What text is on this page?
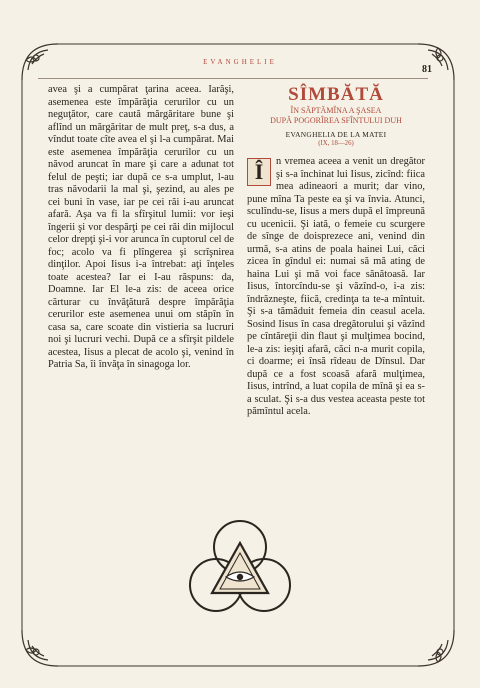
EVANGHELIE
81

avea şi a cumpărat ţarina aceea. Iarăşi, asemenea este împărăţia cerurilor cu un neguţător, care caută mărgăritare bune şi aflînd un mărgăritar de mult preţ, s-a dus, a vîndut toate cîte avea el şi l-a cumpărat. Mai este asemenea împărăţia cerurilor cu un năvod aruncat în mare şi care a adunat tot felul de peşti; iar după ce s-a umplut, l-au tras năvodarii la mal şi, şezind, au ales pe cei buni în vase, iar pe cei răi i-au aruncat afară. Aşa va fi la sfîrşitul lumii: vor ieşi îngerii şi vor despărţi pe cei răi din mijlocul celor drepţi şi-i vor arunca în cuptorul cel de foc; acolo va fi plîngerea şi scrîşnirea dinţilor. Apoi Iisus i-a întrebat: aţi înţeles toate acestea? Iar ei I-au răspuns: da, Doamne. Iar El le-a zis: de aceea orice cărturar cu învăţătură despre împărăţia cerurilor este asemenea unui om stăpîn în casa sa, care scoate din vistieria sa lucruri noi şi lucruri vechi. După ce a sfîrşit pildele acestea, Iisus a plecat de acolo şi, venind în Patria Sa, îi învăţa în sinagoga lor.

SÎMBĂTĂ
ÎN SĂPTĂMÎNA A ŞASEA
DUPĂ POGORÎREA SFÎNTULUI DUH
EVANGHELIA DE LA MATEI
(IX, 18—26)
Î	n vremea aceea a venit un dregător şi s-a închinat lui Iisus, zicînd: fiica mea adineaori a murit; dar vino, pune mîna Ta peste ea şi va învia. Atunci, sculîndu-se, Iisus a mers după el împreună cu ucenicii. Şi iată, o femeie cu scurgere de sînge de doisprezece ani, venind din urmă, s-a atins de poala hainei Lui, căci zicea în gîndul ei: numai să mă ating de haina Lui şi mă voi face sănătoasă. Iar Iisus, întorcîndu-se şi văzînd-o, i-a zis: îndrăzneşte, fiică, credinţa ta te-a mîntuit. Şi s-a tămăduit femeia din ceasul acela. Sosind Iisus în casa dregătorului şi văzînd pe cîntăreţii din flaut şi mulţimea bocind, le-a zis: ieşiţi afară, căci n-a murit copila, ci doarme; ei însă rîdeau de Dînsul. Dar după ce a fost scoasă afară mulţimea, Iisus, intrînd, a luat copila de mînă şi ea s-a sculat. Şi s-a dus vestea aceasta peste tot pămîntul acela.
